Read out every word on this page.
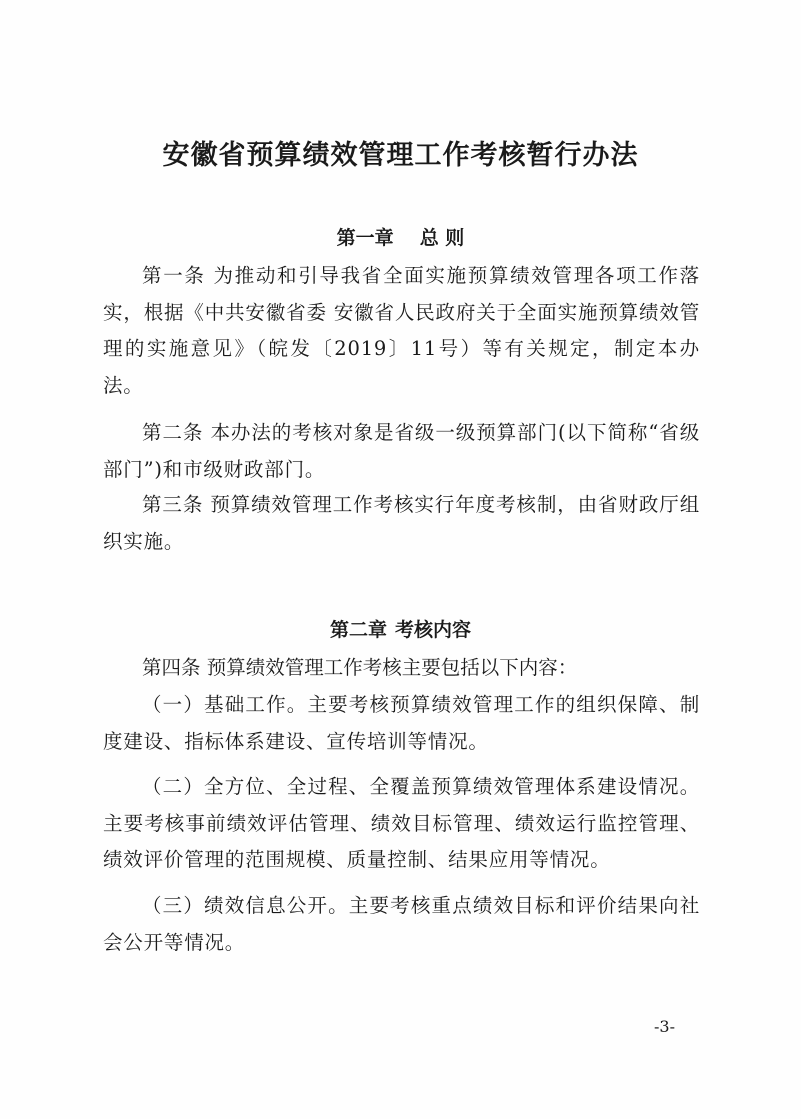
安徽省预算绩效管理工作考核暂行办法
第一章 总 则
第一条 为推动和引导我省全面实施预算绩效管理各项工作落实，根据《中共安徽省委 安徽省人民政府关于全面实施预算绩效管理的实施意见》（皖发〔2019〕11号）等有关规定，制定本办法。
第二条 本办法的考核对象是省级一级预算部门(以下简称“省级部门”)和市级财政部门。
第三条 预算绩效管理工作考核实行年度考核制，由省财政厅组织实施。
第二章 考核内容
第四条 预算绩效管理工作考核主要包括以下内容：
（一）基础工作。主要考核预算绩效管理工作的组织保障、制度建设、指标体系建设、宣传培训等情况。
（二）全方位、全过程、全覆盖预算绩效管理体系建设情况。主要考核事前绩效评估管理、绩效目标管理、绩效运行监控管理、绩效评价管理的范围规模、质量控制、结果应用等情况。
（三）绩效信息公开。主要考核重点绩效目标和评价结果向社会公开等情况。
-3-
